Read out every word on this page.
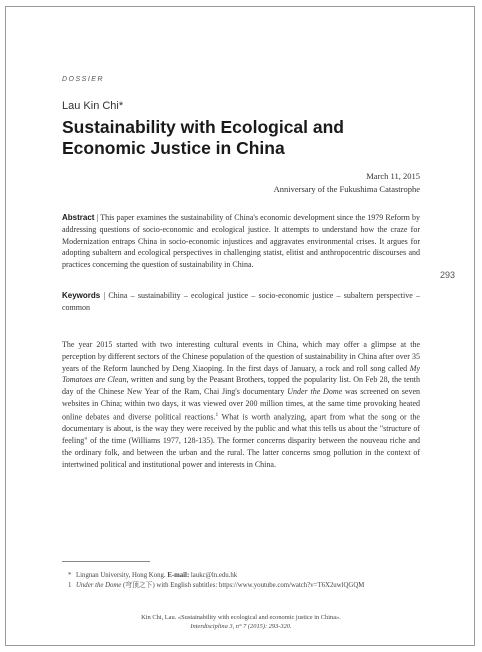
DOSSIER
Lau Kin Chi*
Sustainability with Ecological and
Economic Justice in China
March 11, 2015
Anniversary of the Fukushima Catastrophe
Abstract | This paper examines the sustainability of China's economic development since the 1979 Reform by addressing questions of socio-economic and ecological justice. It attempts to understand how the craze for Modernization entraps China in socio-economic injustices and aggravates environmental crises. It argues for adopting subaltern and ecological perspectives in challenging statist, elitist and anthropocentric discourses and practices concerning the question of sustainability in China.
Keywords | China – sustainability – ecological justice – socio-economic justice – subaltern perspective – common
293
The year 2015 started with two interesting cultural events in China, which may offer a glimpse at the perception by different sectors of the Chinese population of the question of sustainability in China after over 35 years of the Reform launched by Deng Xiaoping. In the first days of January, a rock and roll song called My Tomatoes are Clean, written and sung by the Peasant Brothers, topped the popularity list. On Feb 28, the tenth day of the Chinese New Year of the Ram, Chai Jing's documentary Under the Dome was screened on seven websites in China; within two days, it was viewed over 200 million times, at the same time provoking heated online debates and diverse political reactions.$^1$ What is worth analyzing, apart from what the song or the documentary is about, is the way they were received by the public and what this tells us about the "structure of feeling" of the time (Williams 1977, 128-135). The former concerns disparity between the nouveau riche and the ordinary folk, and between the urban and the rural. The latter concerns smog pollution in the context of intertwined political and institutional power and interests in China.

* Lingnan University, Hong Kong. E-mail: laukc@ln.edu.hk

1 Under the Dome (穹顶之下) with English subtitles: https://www.youtube.com/watch?v=T6X2uwlQGQM

Kin Chi, Lau. «Sustainability with ecological and economic justice in China».
Interdisciplina 3, n° 7 (2015): 293-320.
